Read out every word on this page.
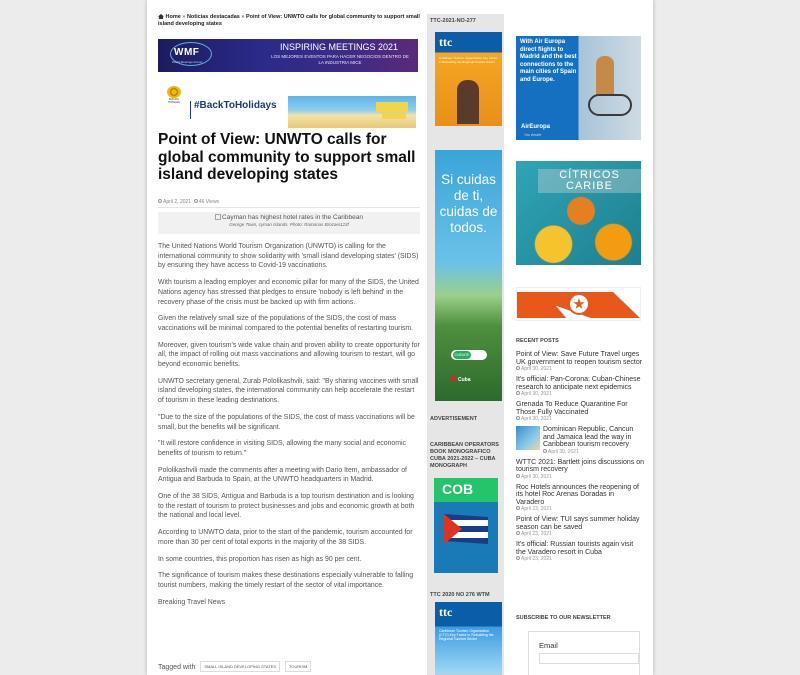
Home » Noticias destacadas » Point of View: UNWTO calls for global community to support small island developing states
WMF
World Meetings Forum
INSPIRING MEETINGS 2021
LOS MEJORES EVENTOS PARA HACER NEGOCIOS DENTRO DE LA INDUSTRIA MICE
BOCATA HOTELES	#BackToHolidays
Point of View: UNWTO calls for global community to support small island developing states
April 2, 2021 46 Views
Cayman has highest hotel rates in the Caribbean
George Town, cyman Islands. Photo: Ramonas Brozaei123f

The United Nations World Tourism Organization (UNWTO) is calling for the international community to show solidarity with 'small island developing states' (SIDS) by ensuring they have access to Covid-19 vaccinations.

With tourism a leading employer and economic pillar for many of the SIDS, the United Nations agency has stressed that pledges to ensure 'nobody is left behind' in the recovery phase of the crisis must be backed up with firm actions.

Given the relatively small size of the populations of the SIDS, the cost of mass vaccinations will be minimal compared to the potential benefits of restarting tourism.

Moreover, given tourism's wide value chain and proven ability to create opportunity for all, the impact of rolling out mass vaccinations and allowing tourism to restart, will go beyond economic benefits.

UNWTO secretary general, Zurab Pololikashvili, said: "By sharing vaccines with small island developing states, the international community can help accelerate the restart of tourism in these leading destinations.

"Due to the size of the populations of the SIDS, the cost of mass vaccinations will be small, but the benefits will be significant.

"It will restore confidence in visiting SIDS, allowing the many social and economic benefits of tourism to return."

Pololikashvili made the comments after a meeting with Dario Item, ambassador of Antigua and Barbuda to Spain, at the UNWTO headquarters in Madrid.

One of the 38 SIDS, Antigua and Barbuda is a top tourism destination and is looking to the restart of tourism to protect businesses and jobs and economic growth at both the national and local level.

According to UNWTO data, prior to the start of the pandemic, tourism accounted for more than 30 per cent of total exports in the majority of the 38 SIDS.

In some countries, this proportion has risen as high as 90 per cent.

The significance of tourism makes these destinations especially vulnerable to falling tourist numbers, making the timely restart of the sector of vital importance.

Breaking Travel News

Tagged with SMALL ISLAND DEVELOPING STATES	TOURISM
TTC-2021-NO-277
ttc
Caribbean Tourism Organization Key Factor in Rebuilding the Regional Tourism Sector
Si cuidas de ti, cuidas de todos.
CUÍDATE
Cuba
ADVERTISEMENT
CARIBBEAN OPERATORS BOOK MONOGRAFICO CUBA 2021-2022 – CUBA MONOGRAPH
COB
TTC 2020 NO 276 WTM
ttc
Caribbean Tourism Organization (CTO) Key Factor in Rebuilding the Regional Tourism Sector
With Air Europa direct flights to Madrid and the best connections to the main cities of Spain and Europe.
AirEuropa
You decide
CÍTRICOS CARIBE
RECENT POSTS
Point of View: Save Future Travel urges UK government to reopen tourism sector
April 30, 2021
It's official: Pan-Corona: Cuban-Chinese research to anticipate next epidemics
April 30, 2021
Grenada To Reduce Quarantine For Those Fully Vaccinated
April 30, 2021
Dominican Republic, Cancun and Jamaica lead the way in Caribbean tourism recovery
April 30, 2021
WTTC 2021: Bartlett joins discussions on tourism recovery
April 30, 2021
Roc Hotels announces the reopening of its hotel Roc Arenas Doradas in Varadero
April 23, 2021
Point of View: TUI says summer holiday season can be saved
April 23, 2021
It's official: Russian tourists again visit the Varadero resort in Cuba
April 23, 2021
SUBSCRIBE TO OUR NEWSLETTER
Email
